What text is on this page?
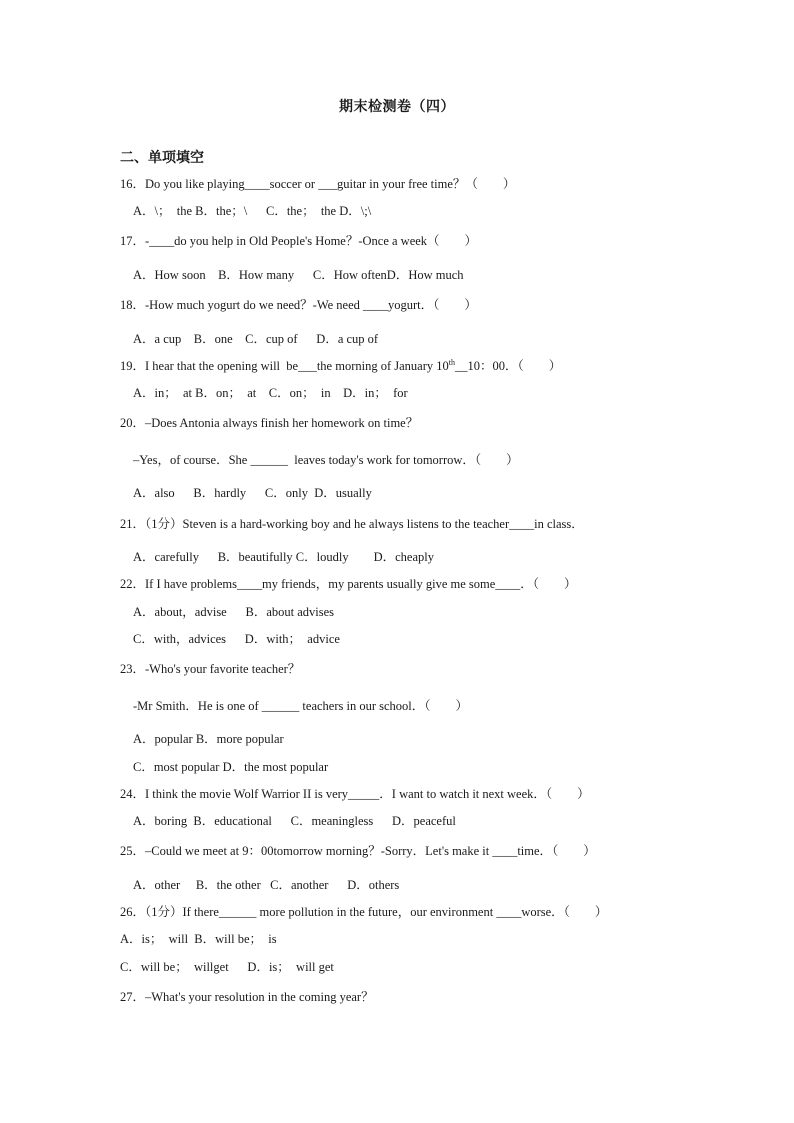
期末检测卷（四）
二、单项填空
16．Do you like playing____soccer or ___guitar in your free time？（        ）
A．\；  the B．the；\      C．the；  the D．\;\
17．-____do you help in Old People's Home？-Once a week（        ）
A．How soon    B．How many      C．How oftenD．How much
18．-How much yogurt do we need？-We need ____yogurt．（        ）
A．a cup    B．one    C．cup of      D．a cup of
19．I hear that the opening will  be___the morning of January 10th__10：00．（        ）
A．in；  at B．on；  at    C．on；  in    D．in；  for
20．–Does Antonia always finish her homework on time？
–Yes，of course．She ______  leaves today's work for tomorrow．（        ）
A．also      B．hardly      C．only  D．usually
21．（1分）Steven is a hard-working boy and he always listens to the teacher____in class．
A．carefully      B．beautifully C．loudly        D．cheaply
22．If I have problems____my friends，my parents usually give me some____．（        ）
A．about，advise      B．about advises
C．with，advices      D．with；  advice
23．-Who's your favorite teacher？
-Mr Smith．He is one of ______ teachers in our school．（        ）
A．popular B．more popular
C．most popular D．the most popular
24．I think the movie Wolf Warrior II is very_____．I want to watch it next week．（        ）
A．boring  B．educational      C．meaningless      D．peaceful
25．–Could we meet at 9：00tomorrow morning？-Sorry．Let's make it ____time．（        ）
A．other     B．the other   C．another      D．others
26．（1分）If there______ more pollution in the future，our environment ____worse．（        ）
A．is；  will  B．will be；  is
C．will be；  willget      D．is；  will get
27．–What's your resolution in the coming year？
